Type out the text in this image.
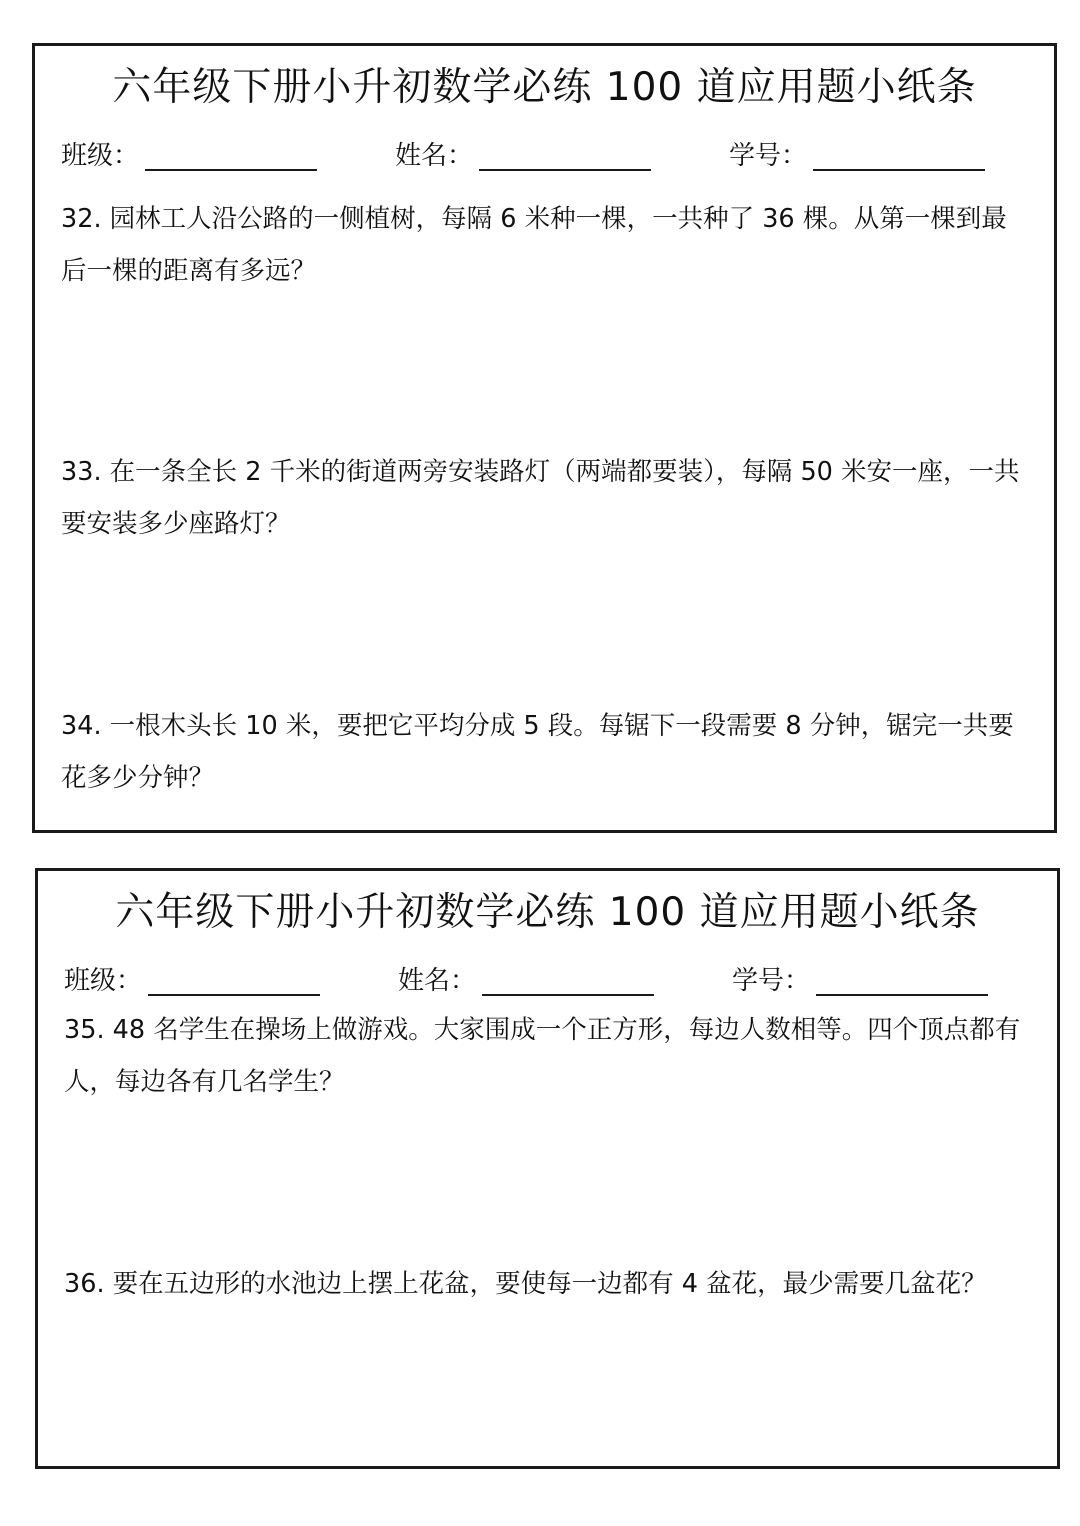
六年级下册小升初数学必练 100 道应用题小纸条
班级：	姓名：	学号：

32. 园林工人沿公路的一侧植树，每隔 6 米种一棵，一共种了 36 棵。从第一棵到最后一棵的距离有多远？

33. 在一条全长 2 千米的街道两旁安装路灯（两端都要装），每隔 50 米安一座，一共要安装多少座路灯？

34. 一根木头长 10 米，要把它平均分成 5 段。每锯下一段需要 8 分钟，锯完一共要花多少分钟？

六年级下册小升初数学必练 100 道应用题小纸条
班级：	姓名：	学号：

35. 48 名学生在操场上做游戏。大家围成一个正方形，每边人数相等。四个顶点都有人，每边各有几名学生？

36. 要在五边形的水池边上摆上花盆，要使每一边都有 4 盆花，最少需要几盆花？
